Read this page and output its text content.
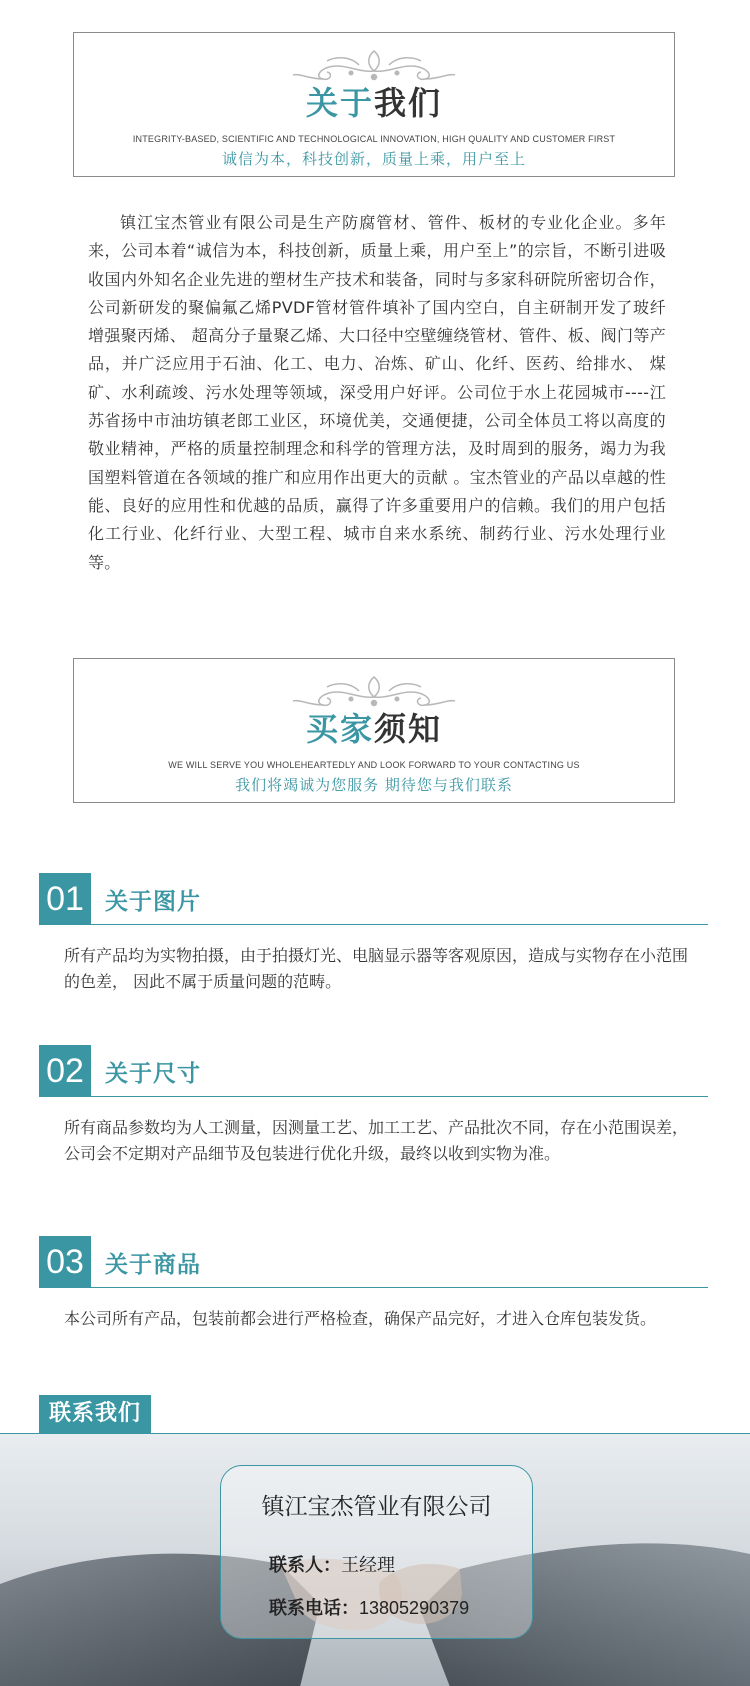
关于我们
INTEGRITY-BASED, SCIENTIFIC AND TECHNOLOGICAL INNOVATION, HIGH QUALITY AND CUSTOMER FIRST
诚信为本，科技创新，质量上乘，用户至上

镇江宝杰管业有限公司是生产防腐管材、管件、板材的专业化企业。多年来，公司本着“诚信为本，科技创新，质量上乘，用户至上”的宗旨，不断引进吸收国内外知名企业先进的塑材生产技术和装备，同时与多家科研院所密切合作，公司新研发的聚偏氟乙烯PVDF管材管件填补了国内空白，自主研制开发了玻纤增强聚丙烯、 超高分子量聚乙烯、大口径中空壁缠绕管材、管件、板、阀门等产品，并广泛应用于石油、化工、电力、冶炼、矿山、化纤、医药、给排水、 煤矿、水利疏竣、污水处理等领域，深受用户好评。公司位于水上花园城市----江苏省扬中市油坊镇老郎工业区，环境优美，交通便捷，公司全体员工将以高度的敬业精神，严格的质量控制理念和科学的管理方法，及时周到的服务，竭力为我国塑料管道在各领域的推广和应用作出更大的贡献 。宝杰管业的产品以卓越的性能、良好的应用性和优越的品质，赢得了许多重要用户的信赖。我们的用户包括化工行业、化纤行业、大型工程、城市自来水系统、制药行业、污水处理行业等。

买家须知
WE WILL SERVE YOU WHOLEHEARTEDLY AND LOOK FORWARD TO YOUR CONTACTING US
我们将竭诚为您服务 期待您与我们联系
01 关于图片
所有产品均为实物拍摄，由于拍摄灯光、电脑显示器等客观原因，造成与实物存在小范围的色差， 因此不属于质量问题的范畴。
02 关于尺寸
所有商品参数均为人工测量，因测量工艺、加工工艺、产品批次不同，存在小范围误差，公司会不定期对产品细节及包装进行优化升级，最终以收到实物为准。
03 关于商品
本公司所有产品，包装前都会进行严格检查，确保产品完好，才进入仓库包装发货。
联系我们
镇江宝杰管业有限公司
联系人：王经理
联系电话：13805290379
